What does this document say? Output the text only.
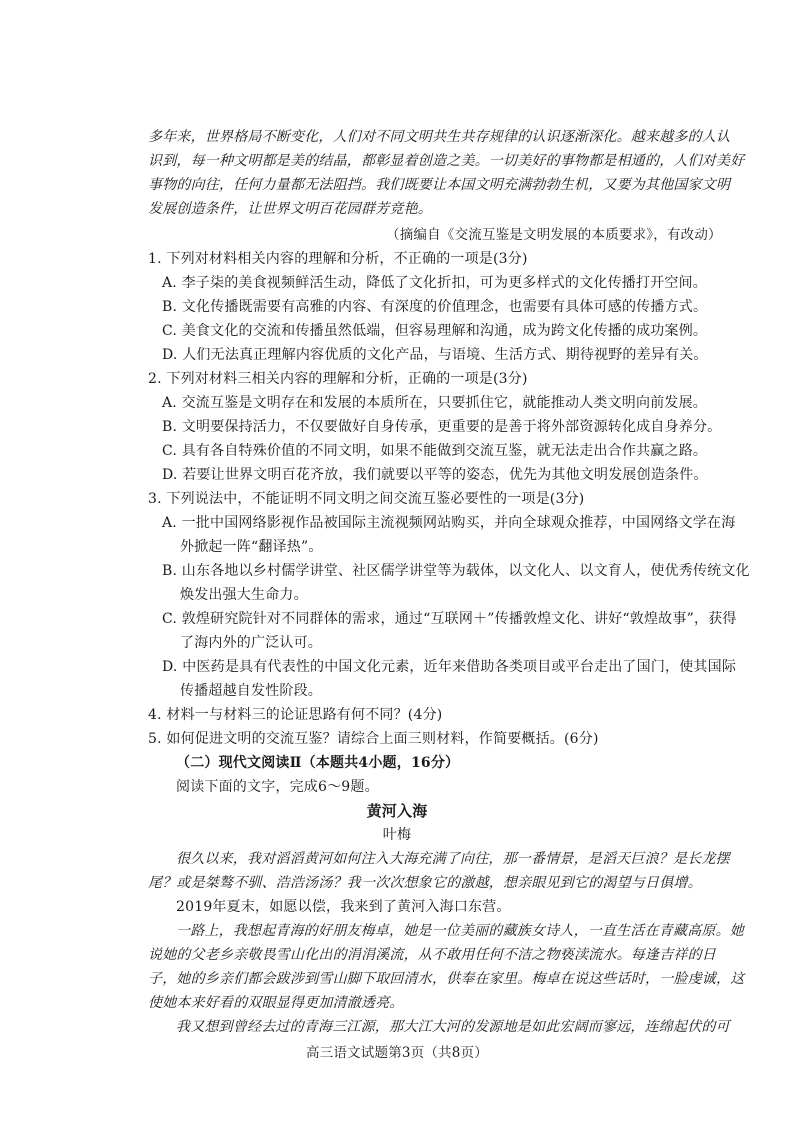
多年来，世界格局不断变化，人们对不同文明共生共存规律的认识逐渐深化。越来越多的人认
识到，每一种文明都是美的结晶，都彰显着创造之美。一切美好的事物都是相通的，人们对美好
事物的向往，任何力量都无法阻挡。我们既要让本国文明充满勃勃生机，又要为其他国家文明
发展创造条件，让世界文明百花园群芳竞艳。
（摘编自《交流互鉴是文明发展的本质要求》，有改动）
1. 下列对材料相关内容的理解和分析，不正确的一项是(3分)
A. 李子柒的美食视频鲜活生动，降低了文化折扣，可为更多样式的文化传播打开空间。
B. 文化传播既需要有高雅的内容、有深度的价值理念，也需要有具体可感的传播方式。
C. 美食文化的交流和传播虽然低端，但容易理解和沟通，成为跨文化传播的成功案例。
D. 人们无法真正理解内容优质的文化产品，与语境、生活方式、期待视野的差异有关。
2. 下列对材料三相关内容的理解和分析，正确的一项是(3分)
A. 交流互鉴是文明存在和发展的本质所在，只要抓住它，就能推动人类文明向前发展。
B. 文明要保持活力，不仅要做好自身传承，更重要的是善于将外部资源转化成自身养分。
C. 具有各自特殊价值的不同文明，如果不能做到交流互鉴，就无法走出合作共赢之路。
D. 若要让世界文明百花齐放，我们就要以平等的姿态，优先为其他文明发展创造条件。
3. 下列说法中，不能证明不同文明之间交流互鉴必要性的一项是(3分)
A. 一批中国网络影视作品被国际主流视频网站购买，并向全球观众推荐，中国网络文学在海
外掀起一阵“翻译热”。
B. 山东各地以乡村儒学讲堂、社区儒学讲堂等为载体，以文化人、以文育人，使优秀传统文化
焕发出强大生命力。
C. 敦煌研究院针对不同群体的需求，通过“互联网＋”传播敦煌文化、讲好“敦煌故事”，获得
了海内外的广泛认可。
D. 中医药是具有代表性的中国文化元素，近年来借助各类项目或平台走出了国门，使其国际
传播超越自发性阶段。
4. 材料一与材料三的论证思路有何不同？(4分)
5. 如何促进文明的交流互鉴？请综合上面三则材料，作简要概括。(6分)
（二）现代文阅读Ⅱ（本题共4小题，16分）
阅读下面的文字，完成6～9题。
黄河入海
叶梅
很久以来，我对滔滔黄河如何注入大海充满了向往，那一番情景，是滔天巨浪？是长龙摆
尾？或是桀骜不驯、浩浩汤汤？我一次次想象它的激越，想亲眼见到它的渴望与日俱增。
2019年夏末，如愿以偿，我来到了黄河入海口东营。
一路上，我想起青海的好朋友梅卓，她是一位美丽的藏族女诗人，一直生活在青藏高原。她
说她的父老乡亲敬畏雪山化出的涓涓溪流，从不敢用任何不洁之物亵渎流水。每逢吉祥的日
子，她的乡亲们都会跋涉到雪山脚下取回清水，供奉在家里。梅卓在说这些话时，一脸虔诚，这
使她本来好看的双眼显得更加清澈透亮。
我又想到曾经去过的青海三江源，那大江大河的发源地是如此宏阔而寥远，连绵起伏的可
高三语文试题第3页（共8页）
